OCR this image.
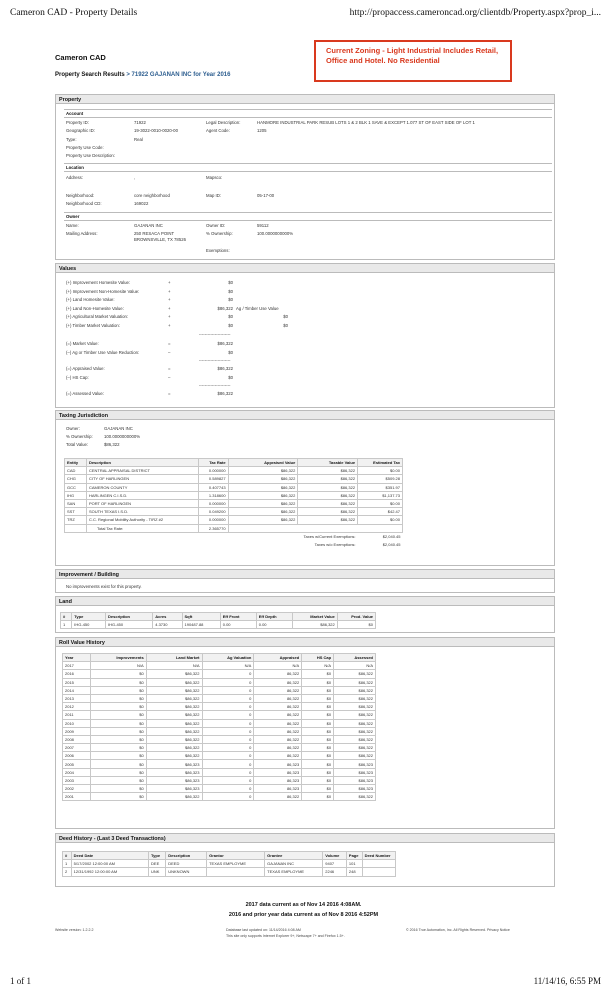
Cameron CAD - Property Details	http://propaccess.cameroncad.org/clientdb/Property.aspx?prop_i...
Cameron CAD
Property Search Results > 71922 GAJANAN INC for Year 2016
Current Zoning - Light Industrial Includes Retail, Office and Hotel. No Residential
Property
Account
Property ID:	71922
Geographic ID:	19-3022-0010-0020-00
Type:	Real
Property Use Code:
Property Use Description:
Legal Description:	HANMORE INDUSTRIAL PARK RESUB LOTS 1 & 2 BLK 1 SAVE & EXCEPT 1.077 ST OF EAST SIDE OF LOT 1
Agent Code:	1205
Location
Address:	,	Mapsco:
Neighborhood:	core neighborhood
Neighborhood CD:	169022
Map ID:	05-17-00
Owner
Name:	GAJANAN INC
Mailing Address:	250 RESACA POINT
BROWNSVILLE, TX 78526
Owner ID:	59112
% Ownership:	100.0000000000%
Exemptions:
Values
(+) Improvement Homesite Value:	+	$0
(+) Improvement Non-Homesite Value:	+	$0
(+) Land Homesite Value:	+	$0
(+) Land Non-Homesite Value:	+	$86,322 Ag / Timber Use Value
(+) Agricultural Market Valuation:	+	$0	$0
(+) Timber Market Valuation:	+	$0	$0
----------------------
(=) Market Value:	=	$86,322
(–) Ag or Timber Use Value Reduction:	–	$0
----------------------
(=) Appraised Value:	=	$86,322
(–) HS Cap:	–	$0
----------------------
(=) Assessed Value:	=	$86,322
Taxing Jurisdiction
Owner:	GAJANAN INC
% Ownership:	100.0000000000%
Total Value:	$86,322
Entity	Description	Tax Rate	Appraised Value	Taxable Value	Estimated Tax
CAD	CENTRAL APPRAISAL DISTRICT	0.000000	$86,322	$86,322	$0.00
CHG	CITY OF HARLINGEN	0.589827	$86,322	$86,322	$509.28
GCC	CAMERON COUNTY	0.407743	$86,322	$86,322	$351.97
IHG	HARLINGEN C.I.S.D.	1.318600	$86,322	$86,322	$1,137.73
SAN	PORT OF HARLINGEN	0.000000	$86,322	$86,322	$0.00
SST	SOUTH TEXAS I.S.D.	0.049200	$86,322	$86,322	$42.47
TRZ	C.C. Regional Mobility Authority - TIRZ #2	0.000000	$86,322	$86,322	$0.00
	Total Tax Rate:	2.365770			
			Taxes w/Current Exemptions:		$2,040.45
			Taxes w/o Exemptions:		$2,040.45
Improvement / Building
No improvements exist for this property.
Land
#	Type	Description	Acres	Sqft	Eff Front	Eff Depth	Market Value	Prod. Value
1	IHG-450	IHG-450	4.3730	190487.88	0.00	0.00	$86,322	$0
Roll Value History
Year	Improvements	Land Market	Ag Valuation	Appraised	HS Cap	Assessed
2017	N/A	N/A	N/A	N/A	N/A	N/A
2016	$0	$86,322	0	86,322	$0	$86,322
2015	$0	$86,322	0	86,322	$0	$86,322
2014	$0	$86,322	0	86,322	$0	$86,322
2013	$0	$86,322	0	86,322	$0	$86,322
2012	$0	$86,322	0	86,322	$0	$86,322
2011	$0	$86,322	0	86,322	$0	$86,322
2010	$0	$86,322	0	86,322	$0	$86,322
2009	$0	$86,322	0	86,322	$0	$86,322
2008	$0	$86,322	0	86,322	$0	$86,322
2007	$0	$86,322	0	86,322	$0	$86,322
2006	$0	$86,322	0	86,322	$0	$86,322
2005	$0	$86,323	0	86,323	$0	$86,323
2004	$0	$86,323	0	86,323	$0	$86,323
2003	$0	$86,323	0	86,323	$0	$86,323
2002	$0	$86,323	0	86,323	$0	$86,323
2001	$0	$86,322	0	86,322	$0	$86,322
Deed History - (Last 3 Deed Transactions)
#	Deed Date	Type	Description	Grantor	Grantee	Volume	Page	Deed Number
1	5/17/2002 12:00:00 AM	DEE	DEED	TEXAS EMPLOYME	GAJANAN INC	9407	101	
2	12/31/1992 12:00:00 AM	UNK	UNKNOWN		TEXAS EMPLOYME	2246	248	
2017 data current as of Nov 14 2016 4:08AM.
2016 and prior year data current as of Nov 8 2016 4:52PM
Website version: 1.2.2.2	Database last updated on: 11/14/2016 4:08 AM
This site only supports Internet Explorer 9+, Netscape 7+ and Firefox 1.5+.
© 2016 True Automation, Inc. All Rights Reserved. Privacy Notice
1 of 1	11/14/16, 6:55 PM
